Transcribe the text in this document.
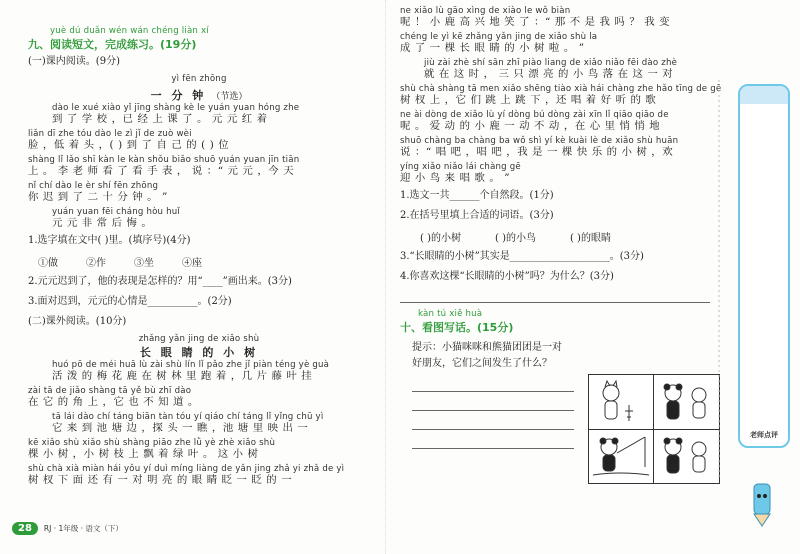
yuè dú duǎn wén wán chéng liàn xí
九、阅读短文，完成练习。(19分)
(一)课内阅读。(9分)
yì fēn zhōng
一 分 钟 （节选）
dào le xué xiào yǐ jīng shàng kè le yuán yuan hóng zhe
到 了 学 校 ，已 经 上 课 了 。 元 元 红 着
liǎn dī zhe tóu dào le zì jǐ de zuò wèi
脸 ，低 着 头 ，( ) 到 了 自 己 的 ( ) 位
shàng lǐ lǎo shī kàn le kàn shǒu biǎo shuō yuán yuan jīn tiān
上 。 李 老 师 看 了 看 手 表 ， 说 ：“ 元 元 ，今 天
nǐ chí dào le èr shí fēn zhōng
你 迟 到 了 二 十 分 钟 。 ”
yuán yuan fēi cháng hòu huǐ
元 元 非 常 后 悔 。
1.选字填在文中( )里。(填序号)(4分)
①做	②作	③坐	④座
2.元元迟到了，他的表现是怎样的？用“____”画出来。(3分)
3.面对迟到，元元的心情是__________。(2分)
(二)课外阅读。(10分)
zhǎng yǎn jing de xiǎo shù
长 眼 睛 的 小 树
huó pō de méi huā lù zài shù lín lǐ pǎo zhe jǐ piàn téng yè guà
活 泼 的 梅 花 鹿 在 树 林 里 跑 着 ，几 片 藤 叶 挂
zài tā de jiǎo shàng tā yě bù zhī dào
在 它 的 角 上 ，它 也 不 知 道 。
tā lái dào chí táng biān tàn tóu yí qiáo chí táng lǐ yǐng chū yì
它 来 到 池 塘 边 ，探 头 一 瞧 ，池 塘 里 映 出 一
kē xiǎo shù xiǎo shù shàng piāo zhe lǜ yè zhè xiǎo shù
棵 小 树 ，小 树 枝 上 飘 着 绿 叶 。 这 小 树
shù chà xià miàn hái yǒu yí duì míng liàng de yǎn jing zhǎ yi zhǎ de yì
树 杈 下 面 还 有 一 对 明 亮 的 眼 睛 眨 一 眨 的 一
ne xiǎo lù gāo xìng de xiào le wǒ biàn
呢 ！ 小 鹿 高 兴 地 笑 了 ：“ 那 不 是 我 吗 ？ 我 变
chéng le yì kē zhǎng yǎn jing de xiǎo shù la
成 了 一 棵 长 眼 睛 的 小 树 啦 。 ”
jiù zài zhè shí sān zhī piào liang de xiǎo niǎo fēi dào zhè
就 在 这 时 ， 三 只 漂 亮 的 小 鸟 落 在 这 一 对
shù chà shàng tā men xiǎo shēng tiào xià hái chàng zhe hǎo tīng de gē
树 杈 上 ，它 们 跳 上 跳 下 ，还 唱 着 好 听 的 歌
ne ài dòng de xiǎo lù yí dòng bú dòng zài xīn lǐ qiāo qiāo de
呢 。 爱 动 的 小 鹿 一 动 不 动 ，在 心 里 悄 悄 地
shuō chàng ba chàng ba wǒ shì yí kè kuài lè de xiǎo shù huān
说 ：“ 唱 吧 ，唱 吧 ，我 是 一 棵 快 乐 的 小 树 ，欢
yíng xiǎo niǎo lái chàng gē
迎 小 鸟 来 唱 歌 。 ”
1.选文一共______个自然段。(1分)
2.在括号里填上合适的词语。(3分)
( )的小树	( )的小鸟	( )的眼睛
3.“长眼睛的小树”其实是____________________。(3分)
4.你喜欢这棵“长眼睛的小树”吗？为什么？(3分)
kàn tú xiě huà
十、看图写话。(15分)
提示：小猫咪咪和熊猫团团是一对
好朋友，它们之间发生了什么？
老师点评
28	RJ · 1年级 · 语文（下）
